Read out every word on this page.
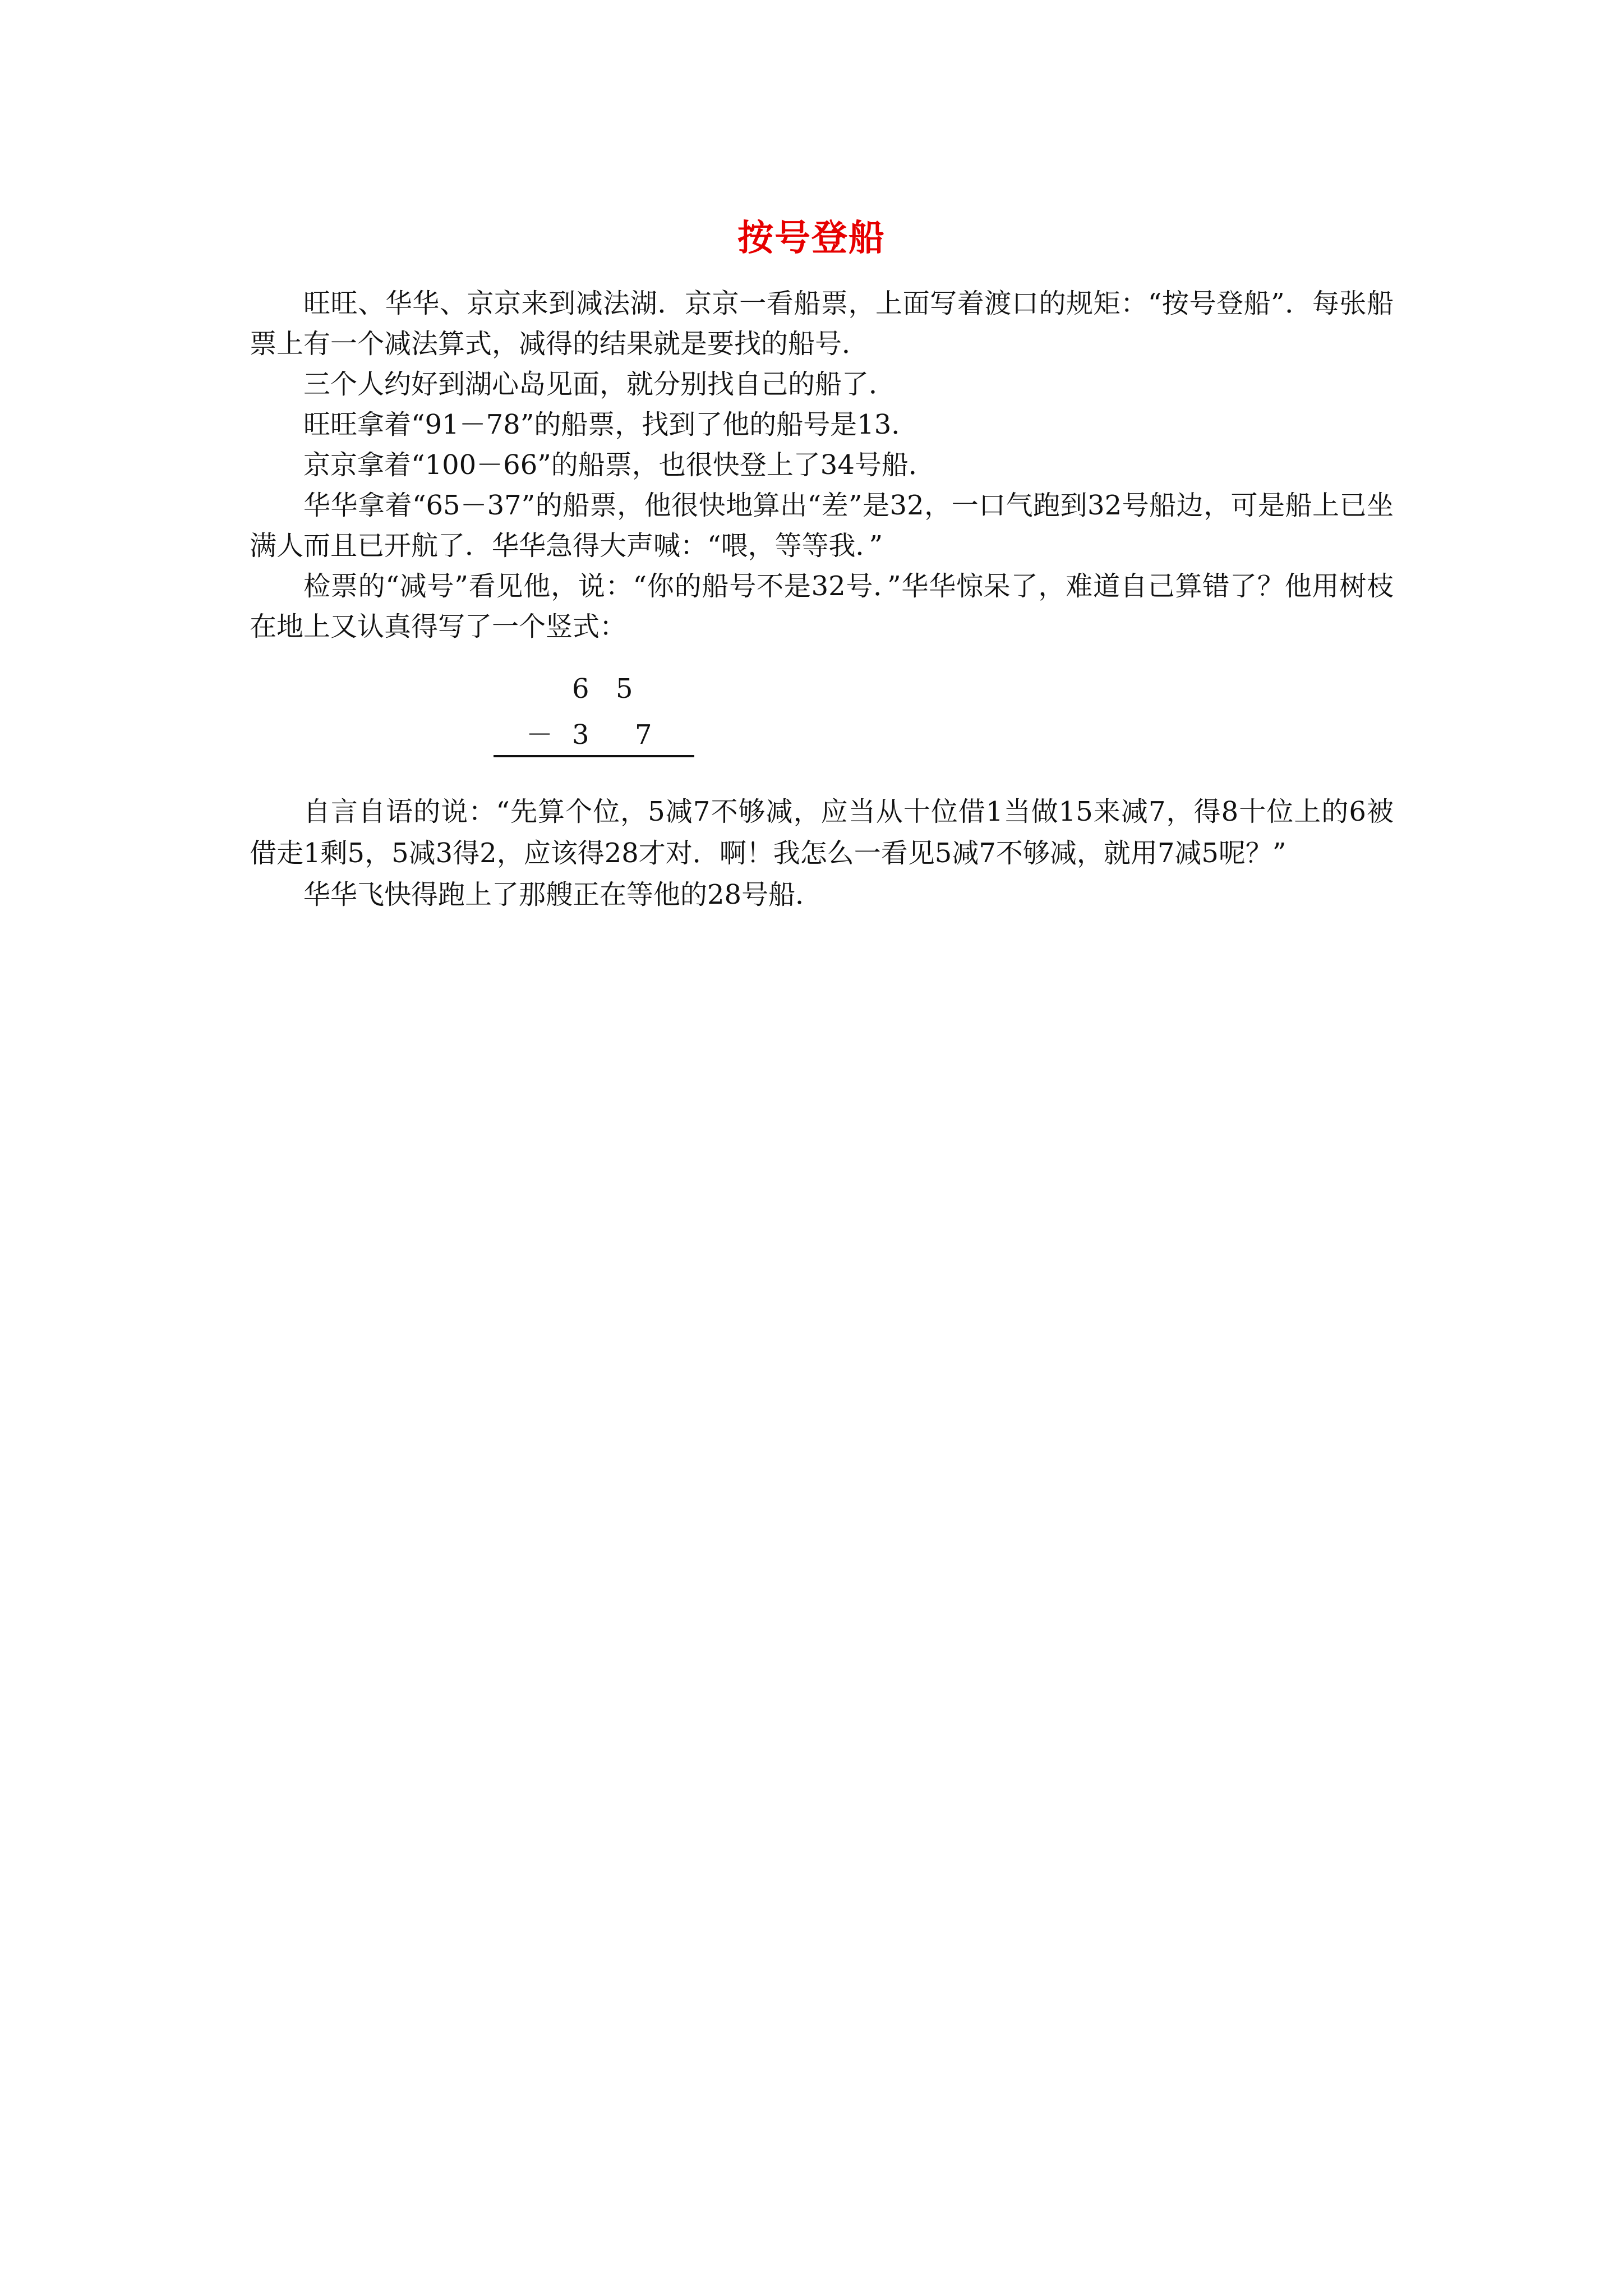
按号登船

旺旺、华华、京京来到减法湖．京京一看船票，上面写着渡口的规矩：“按号登船”．每张船票上有一个减法算式，减得的结果就是要找的船号．

三个人约好到湖心岛见面，就分别找自己的船了．

旺旺拿着“91－78”的船票，找到了他的船号是13．

京京拿着“100－66”的船票，也很快登上了34号船．

华华拿着“65－37”的船票，他很快地算出“差”是32，一口气跑到32号船边，可是船上已坐满人而且已开航了．华华急得大声喊：“喂，等等我．”

检票的“减号”看见他，说：“你的船号不是32号．”华华惊呆了，难道自己算错了？他用树枝在地上又认真得写了一个竖式：

6 5
－ 3 7

自言自语的说：“先算个位，5减7不够减，应当从十位借1当做15来减7，得8十位上的6被借走1剩5，5减3得2，应该得28才对．啊！我怎么一看见5减7不够减，就用7减5呢？”

华华飞快得跑上了那艘正在等他的28号船．
